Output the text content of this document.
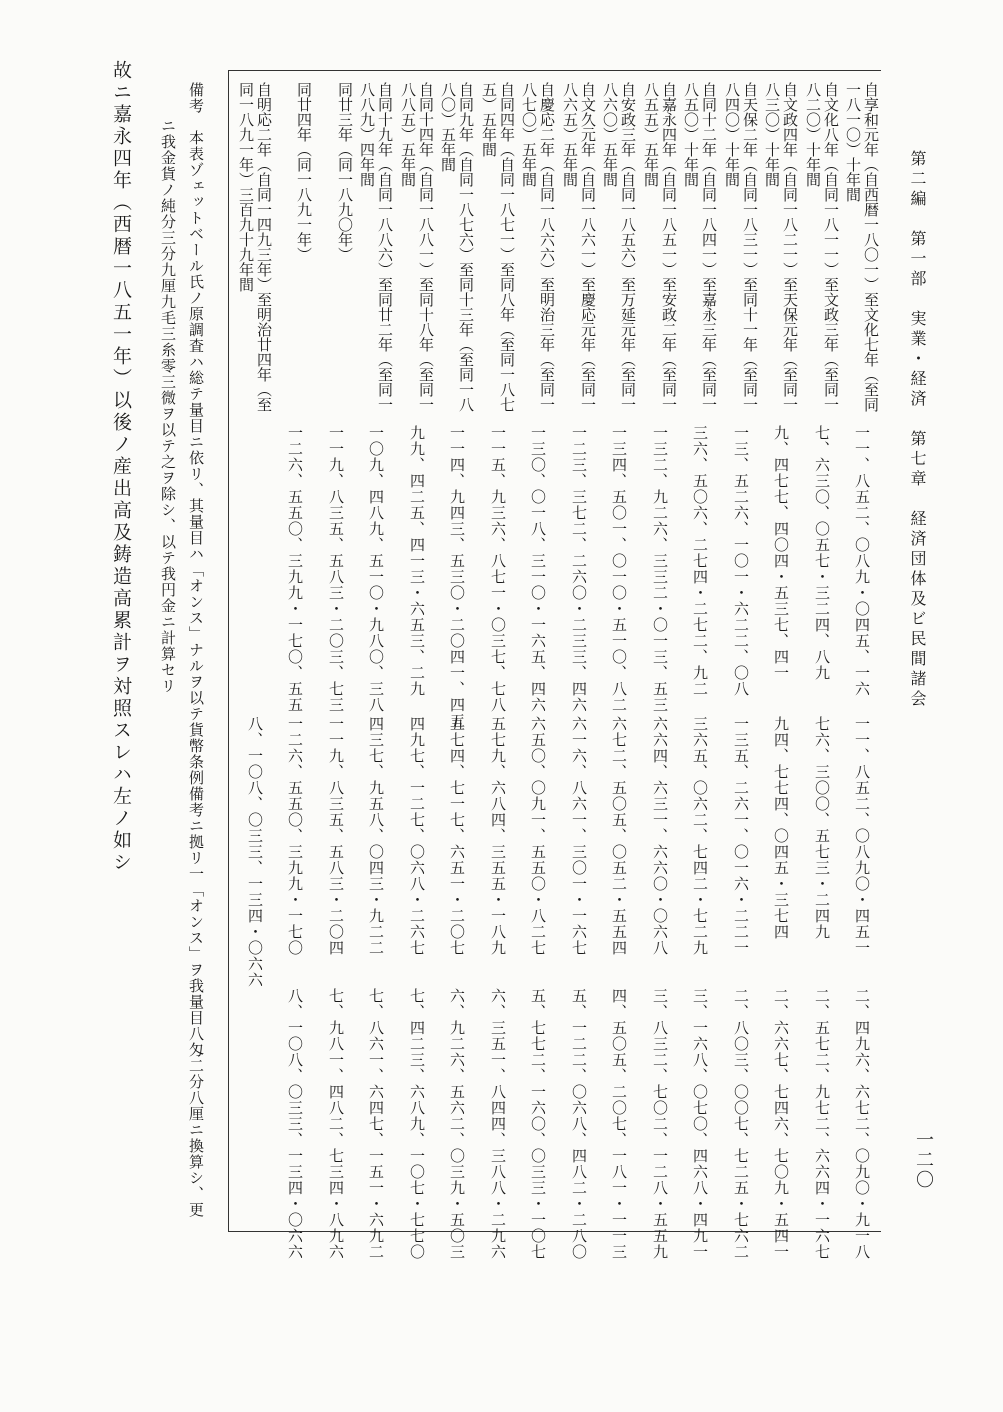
第二編　第一部　実業・経済　第七章　経済団体及ビ民間諸会
一二〇
自享和元年（自西暦一八〇一）至文化七年（至同一八一〇）十年間
一一、八五二、〇八九・〇四五、一六
一一、八五二、〇八九〇・四五一
二、四九六、六七二、〇九〇・九一八
自文化八年（自同一八一一）至文政三年（至同一八二〇）十年間
七、六三〇、〇五七・三二四、八九
七六、三〇〇、五七三・二四九
二、五七二、九七二、六六四・一六七
自文政四年（自同一八二一）至天保元年（至同一八三〇）十年間
九、四七七、四〇四・五三七、四一
九四、七七四、〇四五・三七四
二、六六七、七四六、七〇九・五四一
自天保二年（自同一八三一）至同十一年（至同一八四〇）十年間
一三、五二六、一〇一・六二二、〇八
一三五、二六一、〇一六・二二一
二、八〇三、〇〇七、七二五・七六二
自同十二年（自同一八四一）至嘉永三年（至同一八五〇）十年間
三六、五〇六、二七四・二七二、九二
三六五、〇六二、七四二・七二九
三、一六八、〇七〇、四六八・四九一
自嘉永四年（自同一八五一）至安政二年（至同一八五五）五年間
一三二、九二六、三三二・〇一三、五三
六六四、六三一、六六〇・〇六八
三、八三二、七〇二、一二八・五五九
自安政三年（自同一八五六）至万延元年（至同一八六〇）五年間
一三四、五〇一、〇一〇・五一〇、八二
六七二、五〇五、〇五二・五五四
四、五〇五、二〇七、一八一・一一三
自文久元年（自同一八六一）至慶応元年（至同一八六五）五年間
一二三、三七二、二六〇・二三三、四六
六一六、八六一、三〇一・一六七
五、一二二、〇六八、四八二・二八〇
自慶応二年（自同一八六六）至明治三年（至同一八七〇）五年間
一三〇、〇一八、三一〇・一六五、四六
六五〇、〇九一、五五〇・八二七
五、七七二、一六〇、〇三三・一〇七
自同四年（自同一八七一）至同八年（至同一八七五）五年間
一一五、九三六、八七一・〇三七、七八
五七九、六八四、三五五・一八九
六、三五一、八四四、三八八・二九六
自同九年（自同一八七六）至同十三年（至同一八八〇）五年間
一一四、九四三、五三〇・二〇四一、四五
五七四、七一七、六五一・二〇七
六、九二六、五六二、〇三九・五〇三
自同十四年（自同一八八一）至同十八年（至同一八八五）五年間
九九、四二五、四一三・六五三、二九
四九七、一二七、〇六八・二六七
七、四二三、六八九、一〇七・七七〇
自同十九年（自同一八八六）至同廿二年（至同一八八九）四年間
一〇九、四八九、五一〇・九八〇、三八
四三七、九五八、〇四三・九二二
七、八六一、六四七、一五一・六九二
同廿三年（同一八九〇年）
一一九、八三五、五八三・二〇三、七三
一一九、八三五、五八三・二〇四
七、九八一、四八二、七三四・八九六
同廿四年（同一八九一年）
一二六、五五〇、三九九・一七〇、五五
一二六、五五〇、三九九・一七〇
八、一〇八、〇三三、一三四・〇六六
自明応二年（自同一四九三年）至明治廿四年（至同一八九一年）三百九十九年間
八、一〇八、〇三三、一三四・〇六六
備考　本表ゾェットベール氏ノ原調査ハ総テ量目ニ依リ、其量目ハ「オンス」ナルヲ以テ貨幣条例備考ニ拠リ一「オンス」ヲ我量目八匁二分八厘ニ換算シ、更
ニ我金貨ノ純分三分九厘九毛三糸零三微ヲ以テ之ヲ除シ、以テ我円金ニ計算セリ
故ニ嘉永四年（西暦一八五一年）以後ノ産出高及鋳造高累計ヲ対照スレハ左ノ如シ
